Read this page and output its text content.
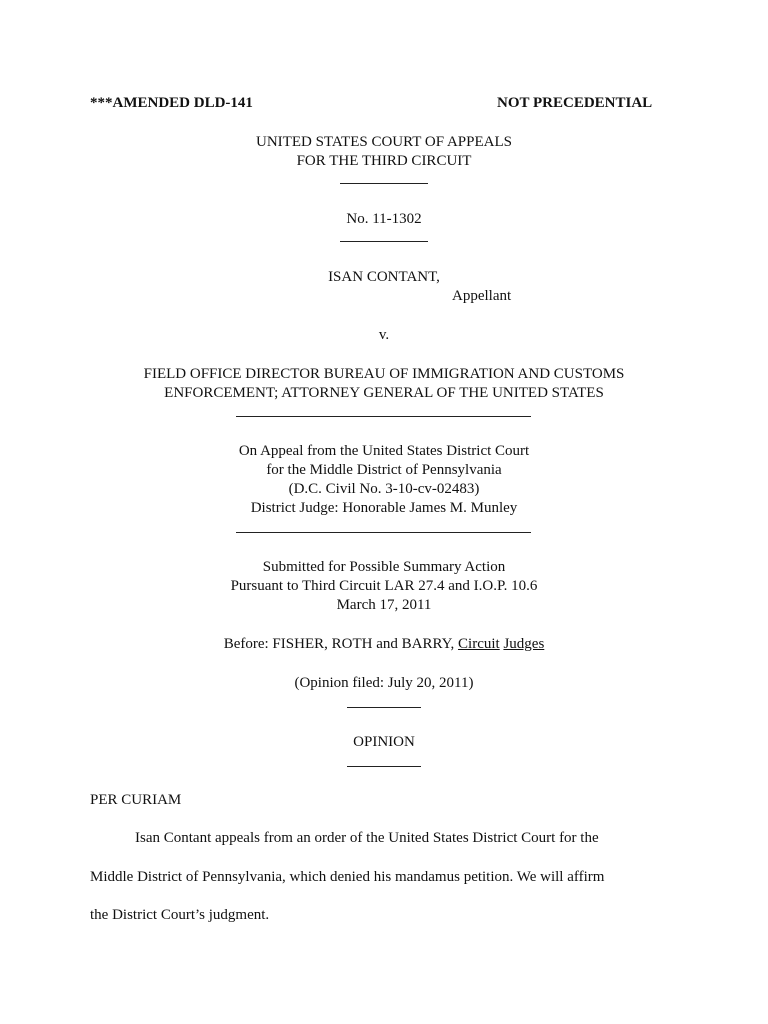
***AMENDED DLD-141	NOT PRECEDENTIAL
UNITED STATES COURT OF APPEALS
FOR THE THIRD CIRCUIT
No. 11-1302
ISAN CONTANT,
Appellant
v.
FIELD OFFICE DIRECTOR BUREAU OF IMMIGRATION AND CUSTOMS
ENFORCEMENT; ATTORNEY GENERAL OF THE UNITED STATES
On Appeal from the United States District Court
for the Middle District of Pennsylvania
(D.C. Civil No. 3-10-cv-02483)
District Judge: Honorable James M. Munley
Submitted for Possible Summary Action
Pursuant to Third Circuit LAR 27.4 and I.O.P. 10.6
March 17, 2011
Before: FISHER, ROTH and BARRY, Circuit Judges
(Opinion filed: July 20, 2011)
OPINION
PER CURIAM
Isan Contant appeals from an order of the United States District Court for the
Middle District of Pennsylvania, which denied his mandamus petition. We will affirm
the District Court’s judgment.
